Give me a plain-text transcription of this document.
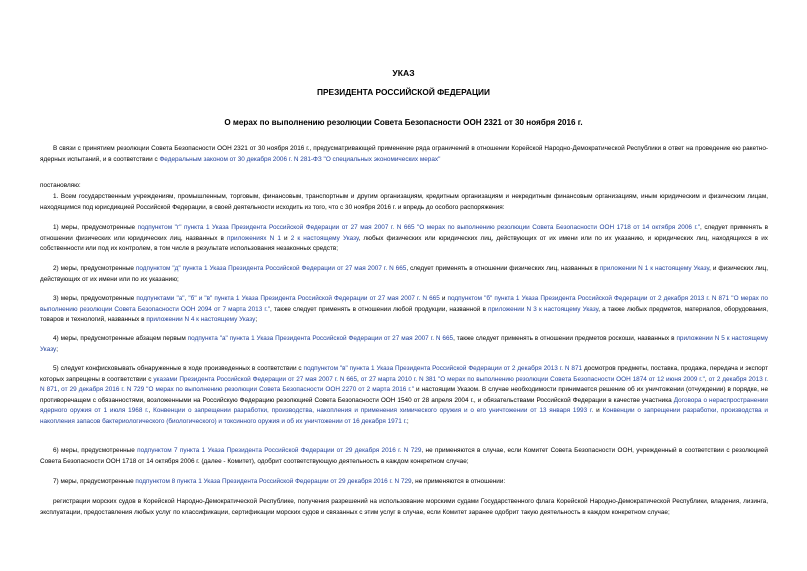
УКАЗ
ПРЕЗИДЕНТА РОССИЙСКОЙ ФЕДЕРАЦИИ
О мерах по выполнению резолюции Совета Безопасности ООН 2321 от 30 ноября 2016 г.

В связи с принятием резолюции Совета Безопасности ООН 2321 от 30 ноября 2016 г., предусматривающей применение ряда ограничений в отношении Корейской Народно-Демократической Республики в ответ на проведение ею ракетно-ядерных испытаний, и в соответствии с Федеральным законом от 30 декабря 2006 г. N 281-ФЗ "О специальных экономических мерах"

постановляю:

1. Всем государственным учреждениям, промышленным, торговым, финансовым, транспортным и другим организациям, кредитным организациям и некредитным финансовым организациям, иным юридическим и физическим лицам, находящимся под юрисдикцией Российской Федерации, в своей деятельности исходить из того, что с 30 ноября 2016 г. и впредь до особого распоряжения:

1) меры, предусмотренные подпунктом "г" пункта 1 Указа Президента Российской Федерации от 27 мая 2007 г. N 665 "О мерах по выполнению резолюции Совета Безопасности ООН 1718 от 14 октября 2006 г.", следует применять в отношении физических или юридических лиц, названных в приложениях N 1 и 2 к настоящему Указу, любых физических или юридических лиц, действующих от их имени или по их указанию, и юридических лиц, находящихся в их собственности или под их контролем, в том числе в результате использования незаконных средств;

2) меры, предусмотренные подпунктом "д" пункта 1 Указа Президента Российской Федерации от 27 мая 2007 г. N 665, следует применять в отношении физических лиц, названных в приложении N 1 к настоящему Указу, и физических лиц, действующих от их имени или по их указанию;

3) меры, предусмотренные подпунктами "а", "б" и "в" пункта 1 Указа Президента Российской Федерации от 27 мая 2007 г. N 665 и подпунктом "б" пункта 1 Указа Президента Российской Федерации от 2 декабря 2013 г. N 871 "О мерах по выполнению резолюции Совета Безопасности ООН 2094 от 7 марта 2013 г.", также следует применять в отношении любой продукции, названной в приложении N 3 к настоящему Указу, а также любых предметов, материалов, оборудования, товаров и технологий, названных в приложении N 4 к настоящему Указу;

4) меры, предусмотренные абзацем первым подпункта "а" пункта 1 Указа Президента Российской Федерации от 27 мая 2007 г. N 665, также следует применять в отношении предметов роскоши, названных в приложении N 5 к настоящему Указу;

5) следует конфисковывать обнаруженные в ходе произведенных в соответствии с подпунктом "в" пункта 1 Указа Президента Российской Федерации от 2 декабря 2013 г. N 871 досмотров предметы, поставка, продажа, передача и экспорт которых запрещены в соответствии с указами Президента Российской Федерации от 27 мая 2007 г. N 665, от 27 марта 2010 г. N 381 "О мерах по выполнению резолюции Совета Безопасности ООН 1874 от 12 июня 2009 г.", от 2 декабря 2013 г. N 871, от 29 декабря 2016 г. N 729 "О мерах по выполнению резолюции Совета Безопасности ООН 2270 от 2 марта 2016 г." и настоящим Указом. В случае необходимости принимается решение об их уничтожении (отчуждении) в порядке, не противоречащем с обязанностями, возложенными на Российскую Федерацию резолюцией Совета Безопасности ООН 1540 от 28 апреля 2004 г., и обязательствами Российской Федерации в качестве участника Договора о нераспространении ядерного оружия от 1 июля 1968 г., Конвенции о запрещении разработки, производства, накопления и применения химического оружия и о его уничтожении от 13 января 1993 г. и Конвенции о запрещении разработки, производства и накопления запасов бактериологического (биологического) и токсинного оружия и об их уничтожении от 16 декабря 1971 г.;

6) меры, предусмотренные подпунктом 7 пункта 1 Указа Президента Российской Федерации от 29 декабря 2016 г. N 729, не применяются в случае, если Комитет Совета Безопасности ООН, учрежденный в соответствии с резолюцией Совета Безопасности ООН 1718 от 14 октября 2006 г. (далее - Комитет), одобрит соответствующую деятельность в каждом конкретном случае;

7) меры, предусмотренные подпунктом 8 пункта 1 Указа Президента Российской Федерации от 29 декабря 2016 г. N 729, не применяются в отношении:

регистрации морских судов в Корейской Народно-Демократической Республике, получения разрешений на использование морскими судами Государственного флага Корейской Народно-Демократической Республики, владения, лизинга, эксплуатации, предоставления любых услуг по классификации, сертификации морских судов и связанных с этим услуг в случае, если Комитет заранее одобрит такую деятельность в каждом конкретном случае;
